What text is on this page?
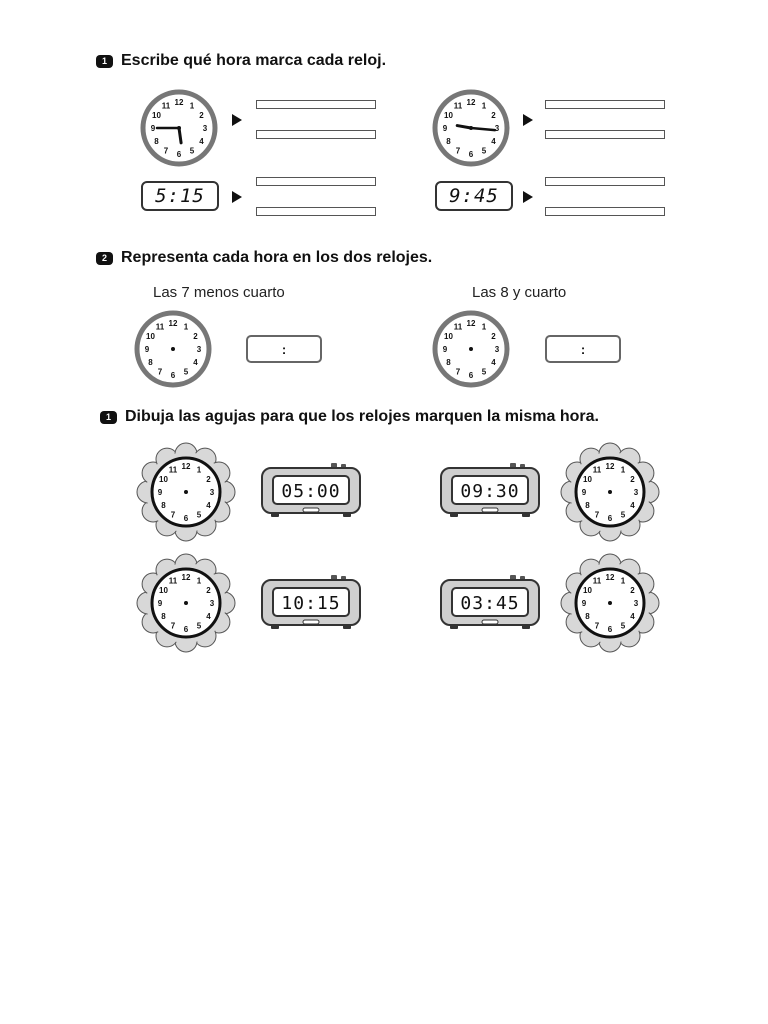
1 Escribe qué hora marca cada reloj.
12 1
2
3
4
5
6
7
8
9
10
11	12 1
2
3
4
5
6
7
8
9
10
11
5:15	9:45
2 Representa cada hora en los dos relojes.
Las 7 menos cuarto	Las 8 y cuarto
12 1
2
3
4
5
6
7
8
9
10
11
:
12 1
2
3
4
5
6
7
8
9
10
11
:
1 Dibuja las agujas para que los relojes marquen la misma hora.
12 1
2
3
4
5
6
7
8
9
10
11
05:00	09:30
12 1
2
3
4
5
6
7
8
9
10
11
12 1
2
3
4
5
6
7
8
9
10
11
10:15	03:45
12 1
2
3
4
5
6
7
8
9
10
11
